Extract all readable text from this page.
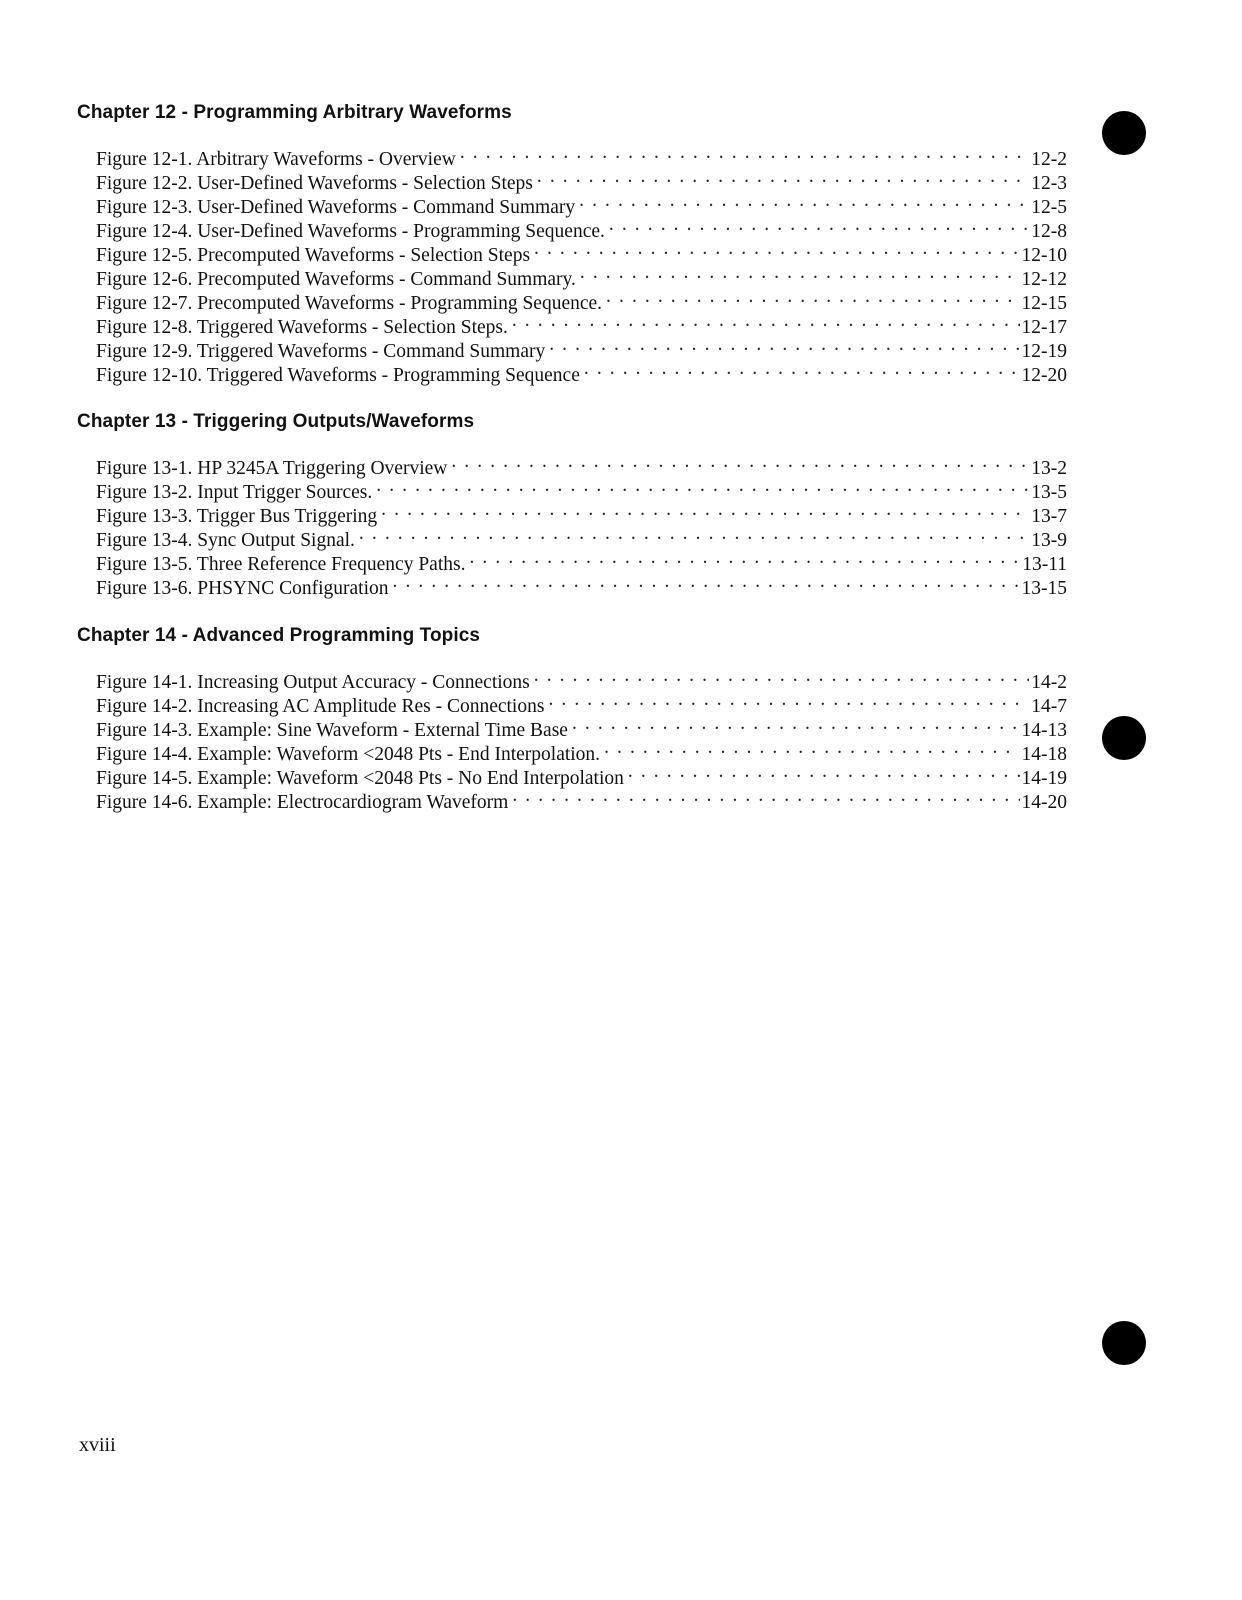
Chapter 12 - Programming Arbitrary Waveforms
Figure 12-1. Arbitrary Waveforms - Overview . . .	12-2
Figure 12-2. User-Defined Waveforms - Selection Steps . . .	12-3
Figure 12-3. User-Defined Waveforms - Command Summary . . .	12-5
Figure 12-4. User-Defined Waveforms - Programming Sequence. . . .	12-8
Figure 12-5. Precomputed Waveforms - Selection Steps . . .	12-10
Figure 12-6. Precomputed Waveforms - Command Summary. . . .	12-12
Figure 12-7. Precomputed Waveforms - Programming Sequence. . . .	12-15
Figure 12-8. Triggered Waveforms - Selection Steps. . . .	12-17
Figure 12-9. Triggered Waveforms - Command Summary . . .	12-19
Figure 12-10. Triggered Waveforms - Programming Sequence . . .	12-20
Chapter 13 - Triggering Outputs/Waveforms
Figure 13-1. HP 3245A Triggering Overview . . .	13-2
Figure 13-2. Input Trigger Sources. . . .	13-5
Figure 13-3. Trigger Bus Triggering . . .	13-7
Figure 13-4. Sync Output Signal. . . .	13-9
Figure 13-5. Three Reference Frequency Paths. . . .	13-11
Figure 13-6. PHSYNC Configuration . . .	13-15
Chapter 14 - Advanced Programming Topics
Figure 14-1. Increasing Output Accuracy - Connections . . .	14-2
Figure 14-2. Increasing AC Amplitude Res - Connections . . .	14-7
Figure 14-3. Example: Sine Waveform - External Time Base . . .	14-13
Figure 14-4. Example: Waveform <2048 Pts - End Interpolation. . . .	14-18
Figure 14-5. Example: Waveform <2048 Pts - No End Interpolation . . .	14-19
Figure 14-6. Example: Electrocardiogram Waveform . . .	14-20
xviii
